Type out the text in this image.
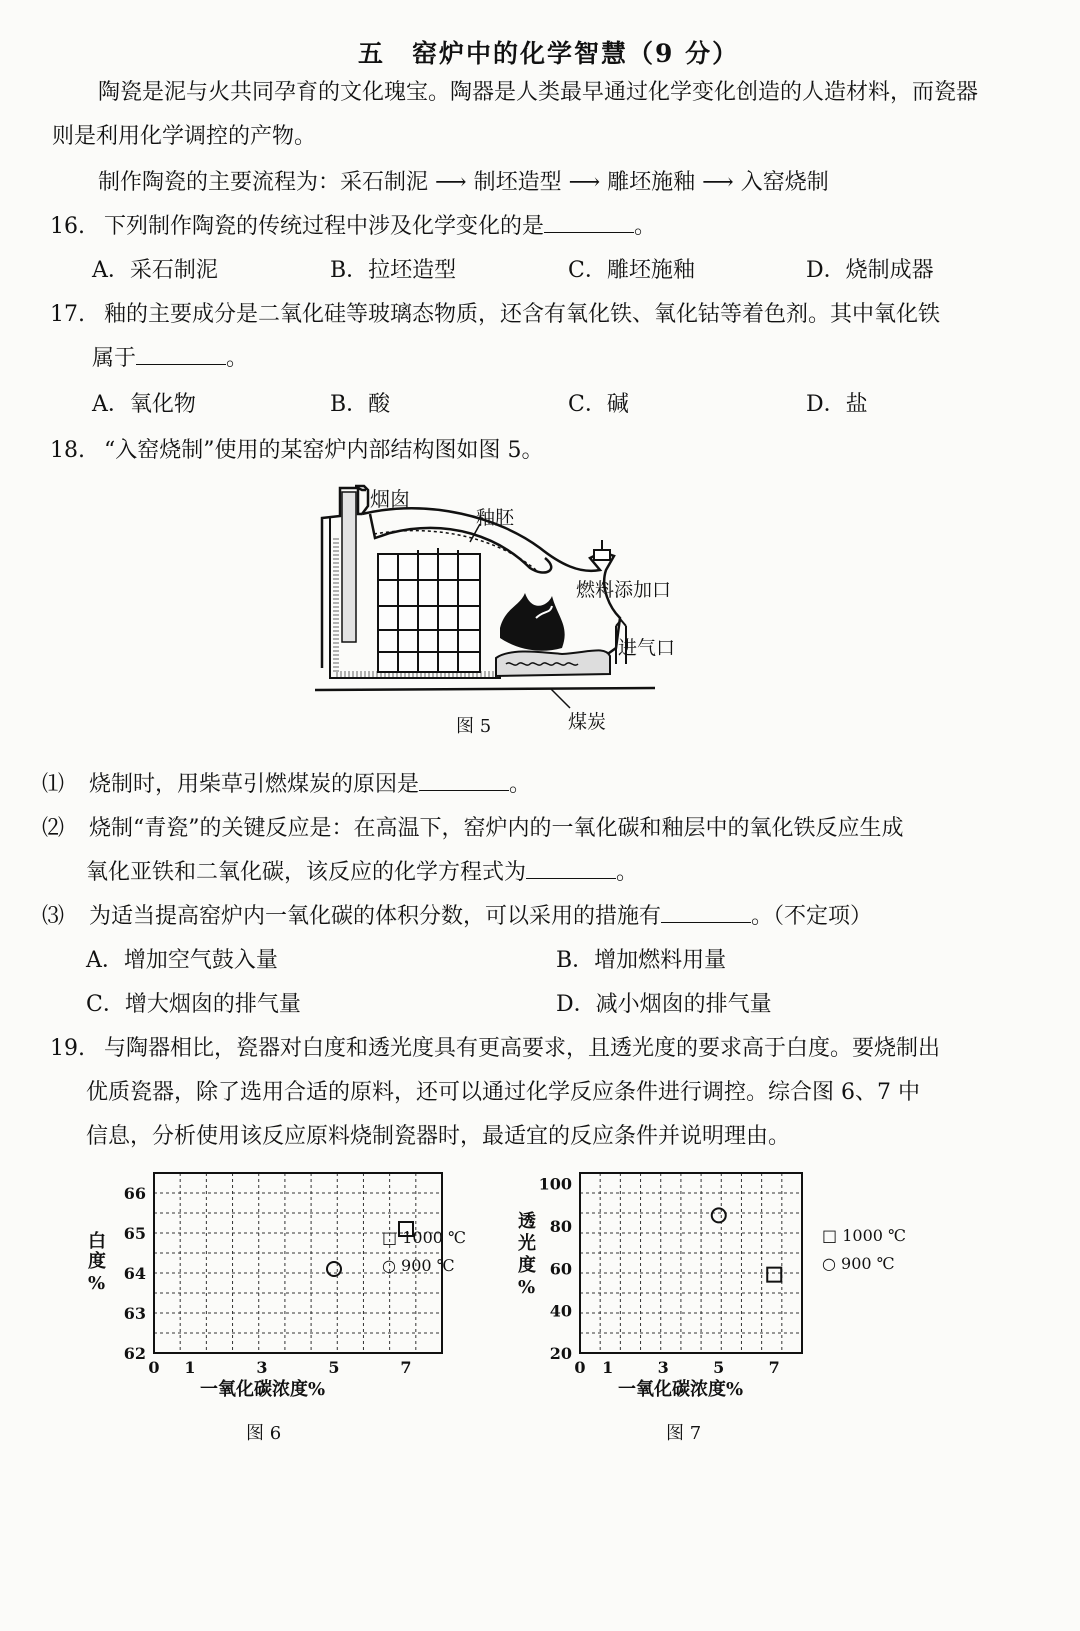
五　窑炉中的化学智慧（9 分）
陶瓷是泥与火共同孕育的文化瑰宝。陶器是人类最早通过化学变化创造的人造材料，而瓷器
则是利用化学调控的产物。
制作陶瓷的主要流程为：采石制泥 ⟶ 制坯造型 ⟶ 雕坯施釉 ⟶ 入窑烧制
16. 下列制作陶瓷的传统过程中涉及化学变化的是	。
A．采石制泥	B．拉坯造型	C．雕坯施釉	D．烧制成器
17. 釉的主要成分是二氧化硅等玻璃态物质，还含有氧化铁、氧化钴等着色剂。其中氧化铁
属于	。
A．氧化物	B．酸	C．碱	D．盐
18. “入窑烧制”使用的某窑炉内部结构图如图 5。
烟囱
釉胚
燃料添加口
进气口
煤炭
图 5
⑴ 烧制时，用柴草引燃煤炭的原因是	。
⑵ 烧制“青瓷”的关键反应是：在高温下，窑炉内的一氧化碳和釉层中的氧化铁反应生成
氧化亚铁和二氧化碳，该反应的化学方程式为	。
⑶ 为适当提高窑炉内一氧化碳的体积分数，可以采用的措施有	。（不定项）
A．增加空气鼓入量	B．增加燃料用量
C．增大烟囱的排气量	D．减小烟囱的排气量
19. 与陶器相比，瓷器对白度和透光度具有更高要求，且透光度的要求高于白度。要烧制出
优质瓷器，除了选用合适的原料，还可以通过化学反应条件进行调控。综合图 6、7 中
信息，分析使用该反应原料烧制瓷器时，最适宜的反应条件并说明理由。
62
63
64
65
66
0 1	3	5	7
白
度
%
一氧化碳浓度%
图 6
□ 1000 ℃
○ 900 ℃
20
40
60
80
100
0 1	3	5	7
透
光
度
%
一氧化碳浓度%
图 7
□ 1000 ℃
○ 900 ℃
